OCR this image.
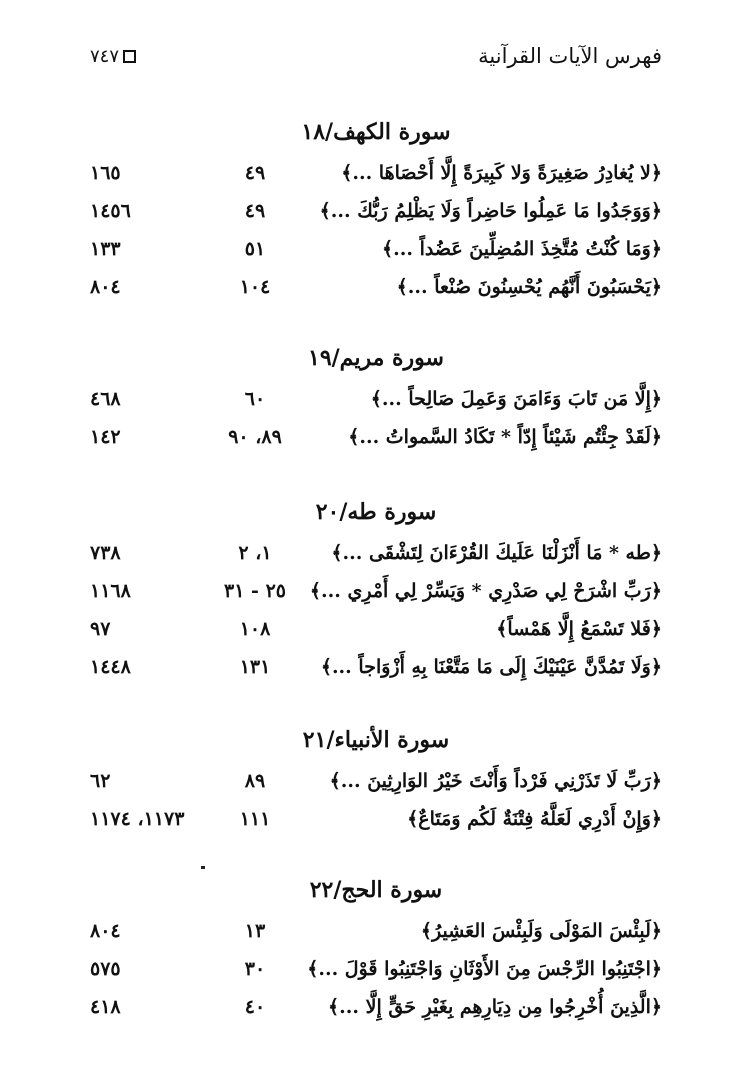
فهرس الآيات القرآنية
٧٤٧
سورة الكهف/١٨
﴿لا يُغادِرُ صَغِيرَةً وَلا كَبِيرَةً إِلَّا أَحْصَاهَا ...﴾
٤٩
١٦٥
﴿وَوَجَدُوا مَا عَمِلُوا حَاضِراً وَلَا يَظْلِمُ رَبُّكَ ...﴾
٤٩
١٤٥٦
﴿وَمَا كُنْتُ مُتَّخِذَ المُضِلِّينَ عَضُداً ...﴾
٥١
١٣٣
﴿يَحْسَبُونَ أَنَّهُم يُحْسِنُونَ صُنْعاً ...﴾
١٠٤
٨٠٤
سورة مريم/١٩
﴿إِلَّا مَن تَابَ وَءَامَنَ وَعَمِلَ صَالِحاً ...﴾
٦٠
٤٦٨
﴿لَقَدْ جِئْتُم شَيْئاً إِدّاً * تَكَادُ السَّمواتُ ...﴾
٨٩، ٩٠
١٤٢
سورة طه/٢٠
﴿طه * مَا أَنْزَلْنَا عَلَيكَ القُرْءَانَ لِتَشْقَى ...﴾
١، ٢
٧٣٨
﴿رَبِّ اشْرَحْ لِي صَدْرِي * وَيَسِّرْ لِي أَمْرِي ...﴾
٢٥ - ٣١
١١٦٨
﴿فَلا تَسْمَعُ إِلَّا هَمْساً﴾
١٠٨
٩٧
﴿وَلَا تَمُدَّنَّ عَيْنَيْكَ إِلَى مَا مَتَّعْنَا بِهِ أَزْوَاجاً ...﴾
١٣١
١٤٤٨
سورة الأنبياء/٢١
﴿رَبِّ لَا تَذَرْنِي فَرْداً وَأَنْتَ خَيْرُ الوَارِثِينَ ...﴾
٨٩
٦٢
﴿وَإِنْ أَدْرِي لَعَلَّهُ فِتْنَةٌ لَكُم وَمَتَاعٌ﴾
١١١
١١٧٣، ١١٧٤
سورة الحج/٢٢
﴿لَبِئْسَ المَوْلَى وَلَبِئْسَ العَشِيرُ﴾
١٣
٨٠٤
﴿اجْتَنِبُوا الرِّجْسَ مِنَ الأَوْثَانِ وَاجْتَنِبُوا قَوْلَ ...﴾
٣٠
٥٧٥
﴿الَّذِينَ أُخْرِجُوا مِن دِيَارِهِم بِغَيْرِ حَقٍّ إِلَّا ...﴾
٤٠
٤١٨
